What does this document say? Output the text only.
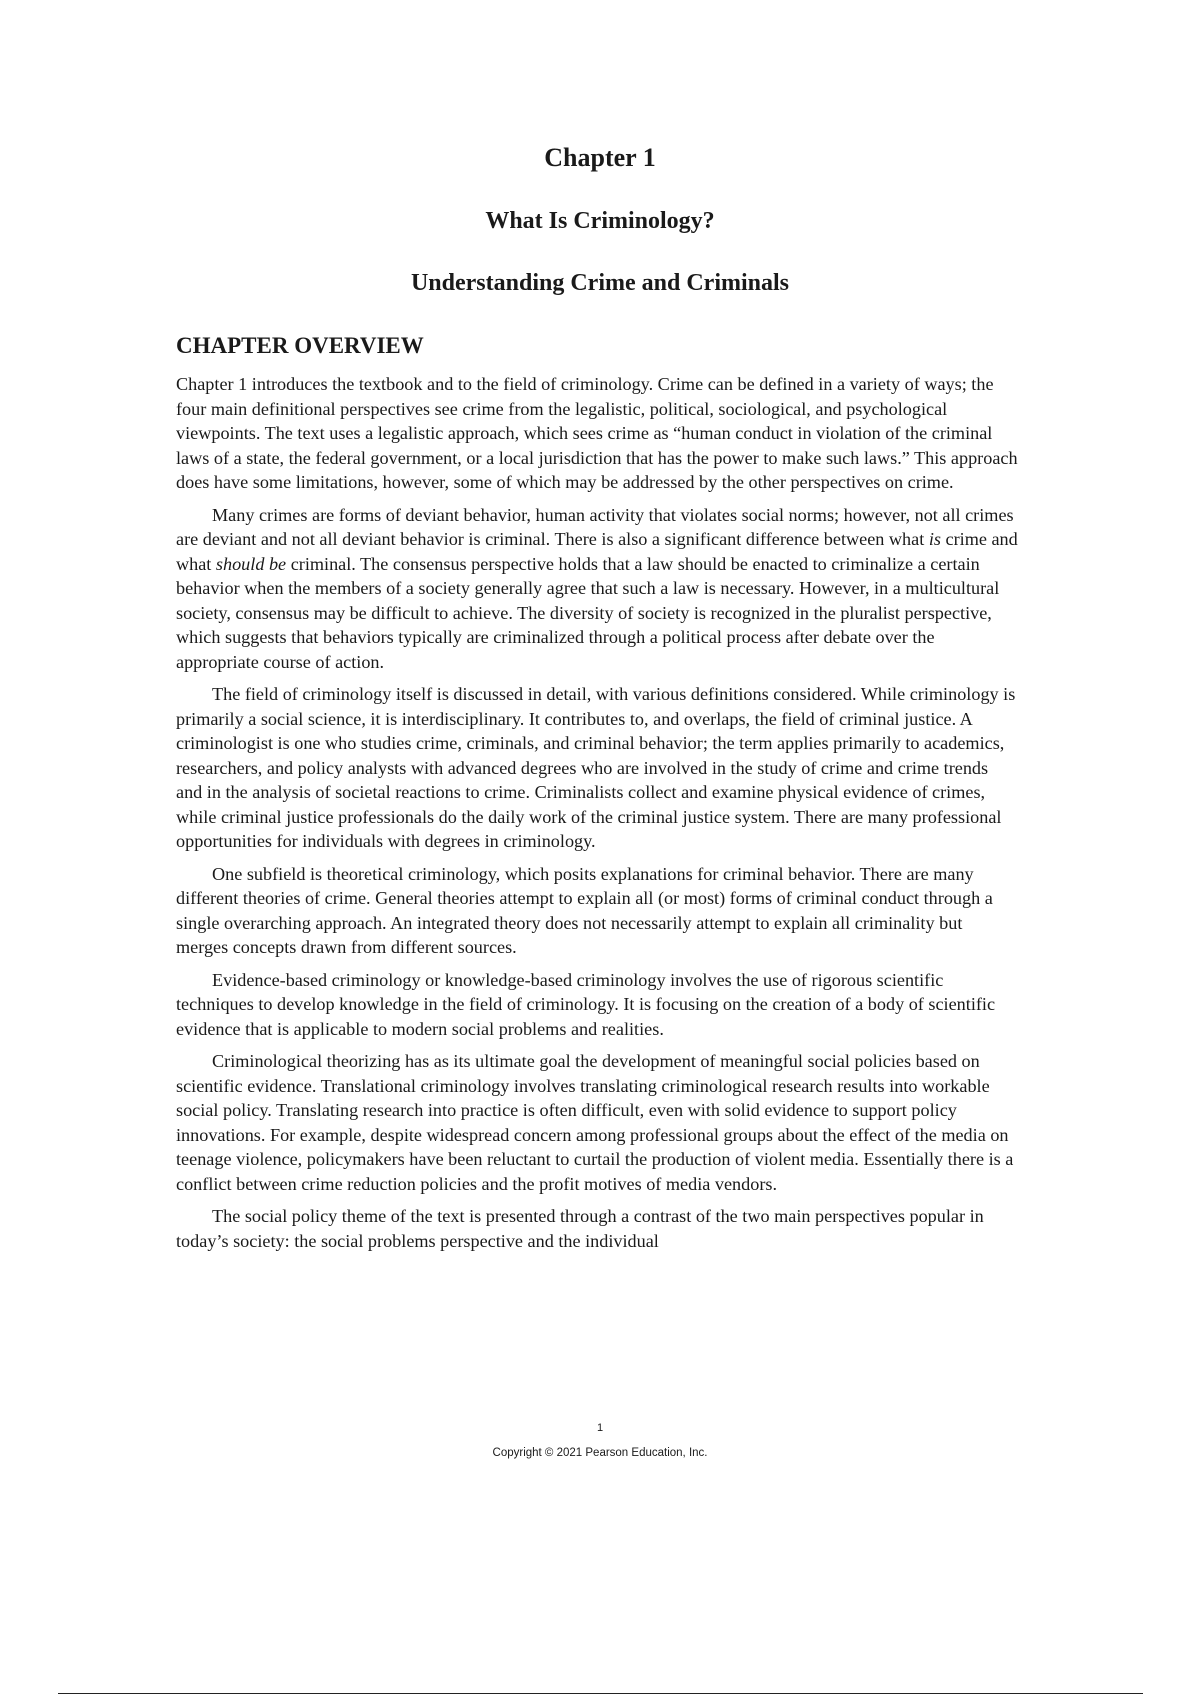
Chapter 1
What Is Criminology?
Understanding Crime and Criminals
CHAPTER OVERVIEW

Chapter 1 introduces the textbook and to the field of criminology. Crime can be defined in a variety of ways; the four main definitional perspectives see crime from the legalistic, political, sociological, and psychological viewpoints. The text uses a legalistic approach, which sees crime as “human conduct in violation of the criminal laws of a state, the federal government, or a local jurisdiction that has the power to make such laws.” This approach does have some limitations, however, some of which may be addressed by the other perspectives on crime.

Many crimes are forms of deviant behavior, human activity that violates social norms; however, not all crimes are deviant and not all deviant behavior is criminal. There is also a significant difference between what is crime and what should be criminal. The consensus perspective holds that a law should be enacted to criminalize a certain behavior when the members of a society generally agree that such a law is necessary. However, in a multicultural society, consensus may be difficult to achieve. The diversity of society is recognized in the pluralist perspective, which suggests that behaviors typically are criminalized through a political process after debate over the appropriate course of action.

The field of criminology itself is discussed in detail, with various definitions considered. While criminology is primarily a social science, it is interdisciplinary. It contributes to, and overlaps, the field of criminal justice. A criminologist is one who studies crime, criminals, and criminal behavior; the term applies primarily to academics, researchers, and policy analysts with advanced degrees who are involved in the study of crime and crime trends and in the analysis of societal reactions to crime. Criminalists collect and examine physical evidence of crimes, while criminal justice professionals do the daily work of the criminal justice system. There are many professional opportunities for individuals with degrees in criminology.

One subfield is theoretical criminology, which posits explanations for criminal behavior. There are many different theories of crime. General theories attempt to explain all (or most) forms of criminal conduct through a single overarching approach. An integrated theory does not necessarily attempt to explain all criminality but merges concepts drawn from different sources.

Evidence-based criminology or knowledge-based criminology involves the use of rigorous scientific techniques to develop knowledge in the field of criminology. It is focusing on the creation of a body of scientific evidence that is applicable to modern social problems and realities.

Criminological theorizing has as its ultimate goal the development of meaningful social policies based on scientific evidence. Translational criminology involves translating criminological research results into workable social policy. Translating research into practice is often difficult, even with solid evidence to support policy innovations. For example, despite widespread concern among professional groups about the effect of the media on teenage violence, policymakers have been reluctant to curtail the production of violent media. Essentially there is a conflict between crime reduction policies and the profit motives of media vendors.

The social policy theme of the text is presented through a contrast of the two main perspectives popular in today’s society: the social problems perspective and the individual

1
Copyright © 2021 Pearson Education, Inc.
